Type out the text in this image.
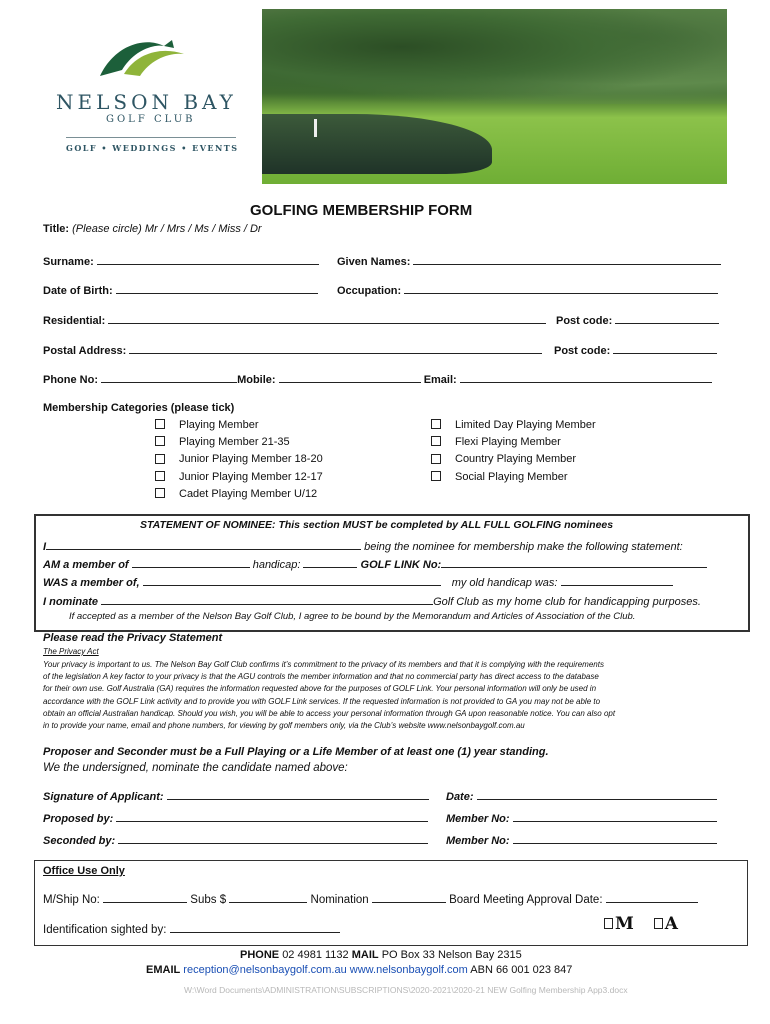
NELSON BAY
GOLF CLUB
GOLF • WEDDINGS • EVENTS
GOLFING MEMBERSHIP FORM
Title: (Please circle) Mr / Mrs / Ms / Miss / Dr
Surname:	Given Names:
Date of Birth:	Occupation:
Residential:	Post code:
Postal Address:	Post code:
Phone No:	Mobile:	Email:
Membership Categories (please tick)
Playing Member
Playing Member 21-35
Junior Playing Member 18-20
Junior Playing Member 12-17
Cadet Playing Member U/12
Limited Day Playing Member
Flexi Playing Member
Country Playing Member
Social Playing Member
STATEMENT OF NOMINEE: This section MUST be completed by ALL FULL GOLFING nominees
I	being the nominee for membership make the following statement:
AM a member of	handicap:	GOLF LINK No:
WAS a member of,	my old handicap was:
I nominate	Golf Club as my home club for handicapping purposes.
If accepted as a member of the Nelson Bay Golf Club, I agree to be bound by the Memorandum and Articles of Association of the Club.
Please read the Privacy Statement
The Privacy Act
Your privacy is important to us. The Nelson Bay Golf Club confirms it’s commitment to the privacy of its members and that it is complying with the requirements
of the legislation A key factor to your privacy is that the AGU controls the member information and that no commercial party has direct access to the database
for their own use. Golf Australia (GA) requires the information requested above for the purposes of GOLF Link. Your personal information will only be used in
accordance with the GOLF Link activity and to provide you with GOLF Link services. If the requested information is not provided to GA you may not be able to
obtain an official Australian handicap. Should you wish, you will be able to access your personal information through GA upon reasonable notice. You can also opt
in to provide your name, email and phone numbers, for viewing by golf members only, via the Club’s website www.nelsonbaygolf.com.au
Proposer and Seconder must be a Full Playing or a Life Member of at least one (1) year standing.
We the undersigned, nominate the candidate named above:
Signature of Applicant:	Date:
Proposed by:	Member No:
Seconded by:	Member No:
Office Use Only
M/Ship No:	Subs $	Nomination	Board Meeting Approval Date:
Identification sighted by:	M A
PHONE 02 4981 1132 MAIL PO Box 33 Nelson Bay 2315
EMAIL reception@nelsonbaygolf.com.au www.nelsonbaygolf.com ABN 66 001 023 847
W:\Word Documents\ADMINISTRATION\SUBSCRIPTIONS\2020-2021\2020-21 NEW Golfing Membership App3.docx
